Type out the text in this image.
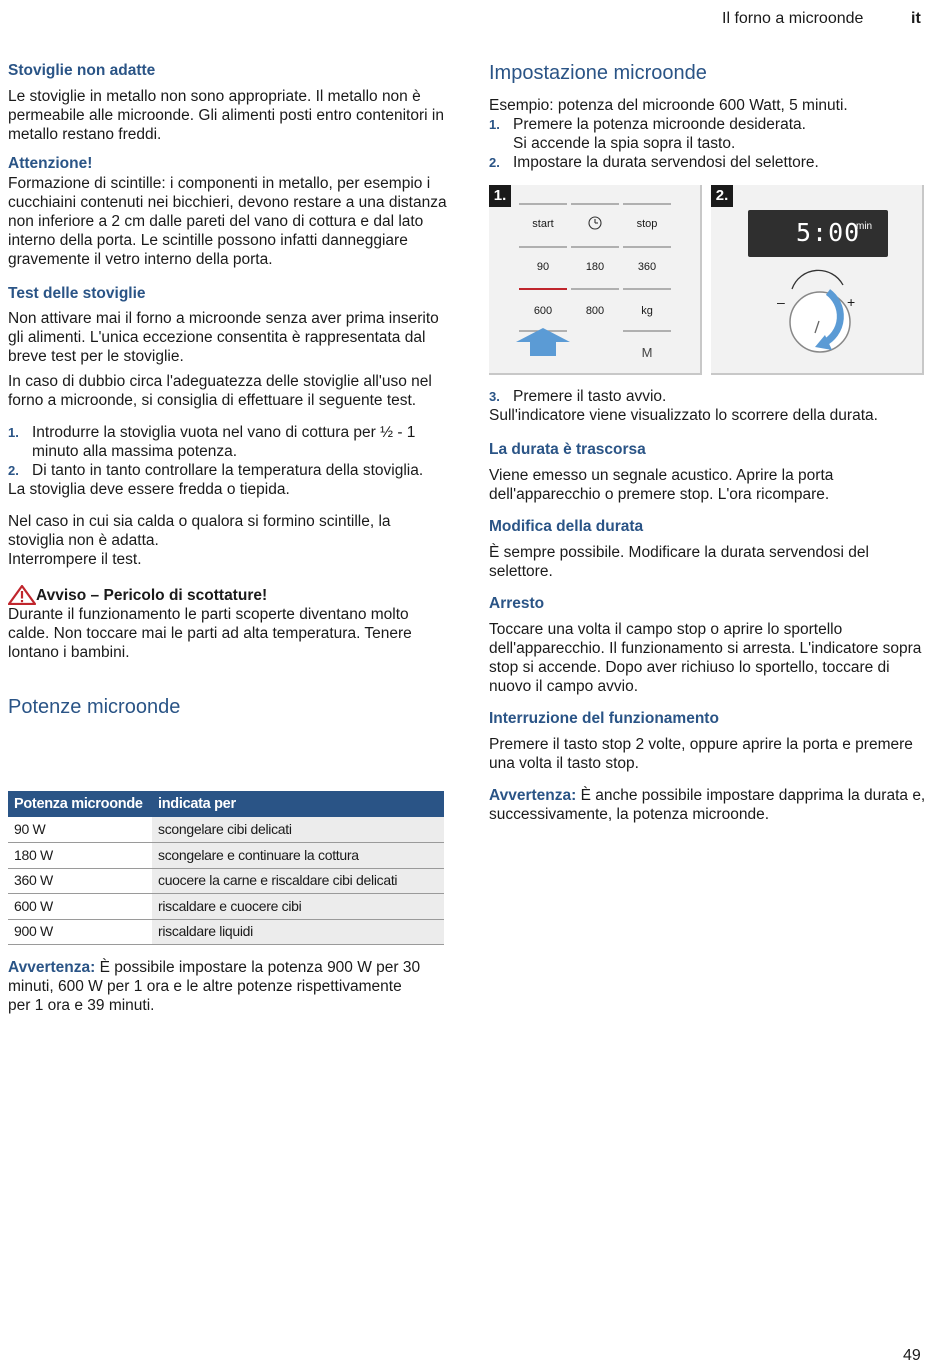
Il forno a microonde	it
Stoviglie non adatte

Le stoviglie in metallo non sono appropriate. Il metallo non è permeabile alle microonde. Gli alimenti posti entro contenitori in metallo restano freddi.

Attenzione!

Formazione di scintille: i componenti in metallo, per esempio i cucchiaini contenuti nei bicchieri, devono restare a una distanza non inferiore a 2 cm dalle pareti del vano di cottura e dal lato interno della porta. Le scintille possono infatti danneggiare gravemente il vetro interno della porta.

Test delle stoviglie

Non attivare mai il forno a microonde senza aver prima inserito gli alimenti. L'unica eccezione consentita è rappresentata dal breve test per le stoviglie.

In caso di dubbio circa l'adeguatezza delle stoviglie all'uso nel forno a microonde, si consiglia di effettuare il seguente test.

1. Introdurre la stoviglia vuota nel vano di cottura per ½ - 1 minuto alla massima potenza.
2. Di tanto in tanto controllare la temperatura della stoviglia.

La stoviglia deve essere fredda o tiepida.

Nel caso in cui sia calda o qualora si formino scintille, la stoviglia non è adatta.

Interrompere il test.

Avviso – Pericolo di scottature!

Durante il funzionamento le parti scoperte diventano molto calde. Non toccare mai le parti ad alta temperatura. Tenere lontano i bambini.

Potenze microonde
Potenza microonde	indicata per
90 W	scongelare cibi delicati
180 W	scongelare e continuare la cottura
360 W	cuocere la carne e riscaldare cibi delicati
600 W	riscaldare e cuocere cibi
900 W	riscaldare liquidi
Avvertenza: È possibile impostare la potenza 900 W per 30 minuti, 600 W per 1 ora e le altre potenze rispettivamente per 1 ora e 39 minuti.
Impostazione microonde

Esempio: potenza del microonde 600 Watt, 5 minuti.

1. Premere la potenza microonde desiderata.
Si accende la spia sopra il tasto.
2. Impostare la durata servendosi del selettore.
1.
start	stop
90	180	360
600	800	kg
M
2.
5:00
min
–	+
3. Premere il tasto avvio.

Sull'indicatore viene visualizzato lo scorrere della durata.

La durata è trascorsa

Viene emesso un segnale acustico. Aprire la porta dell'apparecchio o premere stop. L'ora ricompare.

Modifica della durata

È sempre possibile. Modificare la durata servendosi del selettore.

Arresto

Toccare una volta il campo stop o aprire lo sportello dell'apparecchio. Il funzionamento si arresta. L'indicatore sopra stop si accende. Dopo aver richiuso lo sportello, toccare di nuovo il campo avvio.

Interruzione del funzionamento

Premere il tasto stop 2 volte, oppure aprire la porta e premere una volta il tasto stop.

Avvertenza: È anche possibile impostare dapprima la durata e, successivamente, la potenza microonde.

49
